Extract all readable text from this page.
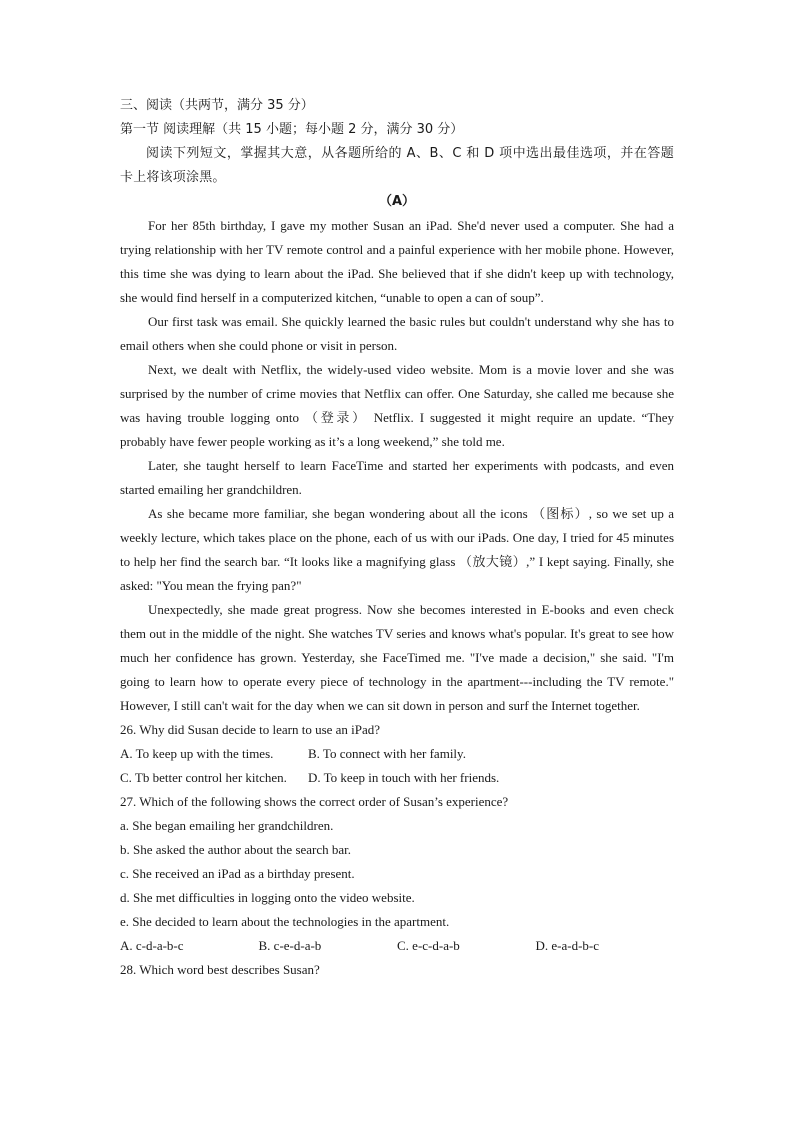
三、阅读（共两节，满分 35 分）

第一节 阅读理解（共 15 小题；每小题 2 分，满分 30 分）

阅读下列短文，掌握其大意，从各题所给的 A、B、C 和 D 项中选出最佳选项，并在答题卡上将该项涂黑。

（A）

For her 85th birthday, I gave my mother Susan an iPad. She'd never used a computer. She had a trying relationship with her TV remote control and a painful experience with her mobile phone. However, this time she was dying to learn about the iPad. She believed that if she didn't keep up with technology, she would find herself in a computerized kitchen, “unable to open a can of soup”.

Our first task was email. She quickly learned the basic rules but couldn't understand why she has to email others when she could phone or visit in person.

Next, we dealt with Netflix, the widely-used video website. Mom is a movie lover and she was surprised by the number of crime movies that Netflix can offer. One Saturday, she called me because she was having trouble logging onto （登录） Netflix. I suggested it might require an update. “They probably have fewer people working as it’s a long weekend,” she told me.

Later, she taught herself to learn FaceTime and started her experiments with podcasts, and even started emailing her grandchildren.

As she became more familiar, she began wondering about all the icons （图标）, so we set up a weekly lecture, which takes place on the phone, each of us with our iPads. One day, I tried for 45 minutes to help her find the search bar. “It looks like a magnifying glass （放大镜）,” I kept saying. Finally, she asked: "You mean the frying pan?"

Unexpectedly, she made great progress. Now she becomes interested in E-books and even check them out in the middle of the night. She watches TV series and knows what's popular. It's great to see how much her confidence has grown. Yesterday, she FaceTimed me. "I've made a decision," she said. "I'm going to learn how to operate every piece of technology in the apartment---including the TV remote." However, I still can't wait for the day when we can sit down in person and surf the Internet together.

26. Why did Susan decide to learn to use an iPad?

A. To keep up with the times.	B. To connect with her family.
C. Tb better control her kitchen.	D. To keep in touch with her friends.

27. Which of the following shows the correct order of Susan’s experience?

a. She began emailing her grandchildren.

b. She asked the author about the search bar.

c. She received an iPad as a birthday present.

d. She met difficulties in logging onto the video website.

e. She decided to learn about the technologies in the apartment.

A. c-d-a-b-c	B. c-e-d-a-b	C. e-c-d-a-b	D. e-a-d-b-c

28. Which word best describes Susan?
